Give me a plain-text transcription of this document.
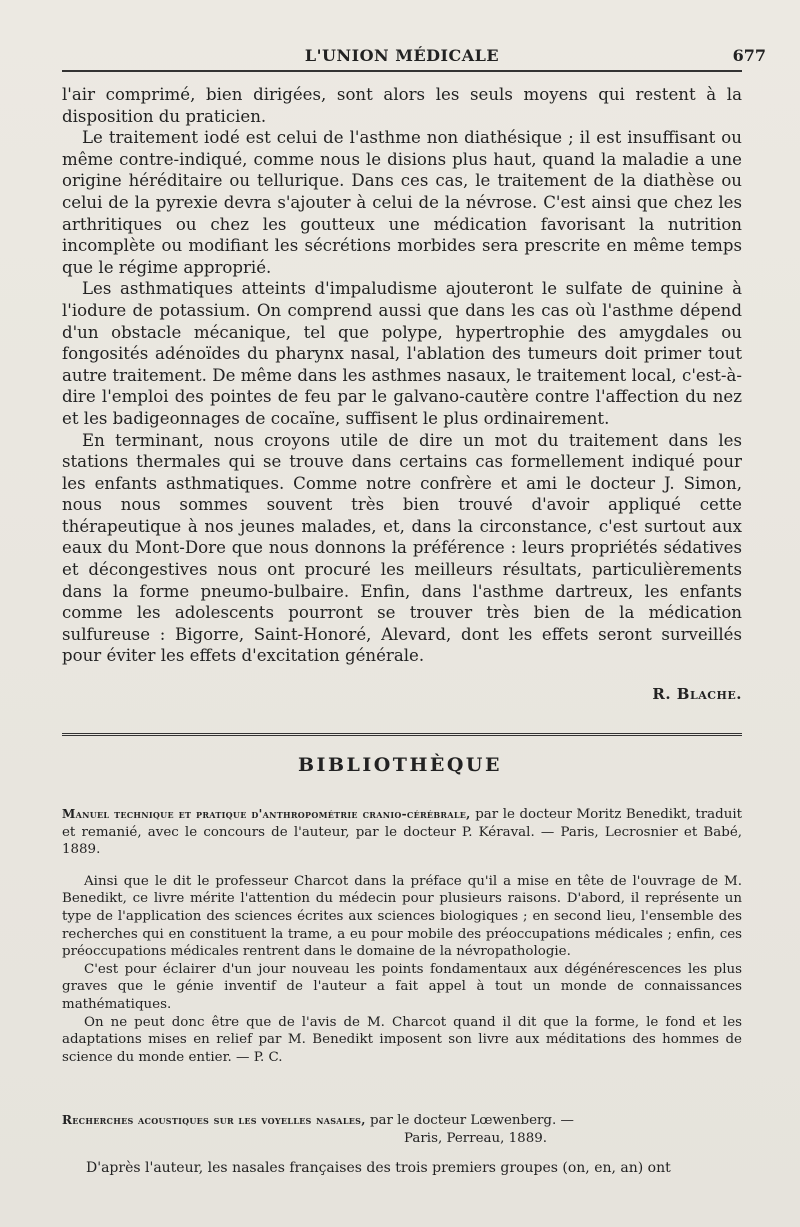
L'UNION MÉDICALE	677

l'air comprimé, bien dirigées, sont alors les seuls moyens qui restent à la disposition du praticien.

Le traitement iodé est celui de l'asthme non diathésique ; il est insuffisant ou même contre-indiqué, comme nous le disions plus haut, quand la maladie a une origine héréditaire ou tellurique. Dans ces cas, le traitement de la diathèse ou celui de la pyrexie devra s'ajouter à celui de la névrose. C'est ainsi que chez les arthritiques ou chez les goutteux une médication favorisant la nutrition incomplète ou modifiant les sécrétions morbides sera prescrite en même temps que le régime approprié.

Les asthmatiques atteints d'impaludisme ajouteront le sulfate de quinine à l'iodure de potassium. On comprend aussi que dans les cas où l'asthme dépend d'un obstacle mécanique, tel que polype, hypertrophie des amygdales ou fongosités adénoïdes du pharynx nasal, l'ablation des tumeurs doit primer tout autre traitement. De même dans les asthmes nasaux, le traitement local, c'est-à-dire l'emploi des pointes de feu par le galvano-cautère contre l'affection du nez et les badigeonnages de cocaïne, suffisent le plus ordinairement.

En terminant, nous croyons utile de dire un mot du traitement dans les stations thermales qui se trouve dans certains cas formellement indiqué pour les enfants asthmatiques. Comme notre confrère et ami le docteur J. Simon, nous nous sommes souvent très bien trouvé d'avoir appliqué cette thérapeutique à nos jeunes malades, et, dans la circonstance, c'est surtout aux eaux du Mont-Dore que nous donnons la préférence : leurs propriétés sédatives et décongestives nous ont procuré les meilleurs résultats, particulièrements dans la forme pneumo-bulbaire. Enfin, dans l'asthme dartreux, les enfants comme les adolescents pourront se trouver très bien de la médication sulfureuse : Bigorre, Saint-Honoré, Alevard, dont les effets seront surveillés pour éviter les effets d'excitation générale.

R. Blache.
BIBLIOTHÈQUE

Manuel technique et pratique d'anthropométrie cranio-cérébrale, par le docteur Moritz Benedikt, traduit et remanié, avec le concours de l'auteur, par le docteur P. Kéraval. — Paris, Lecrosnier et Babé, 1889.

Ainsi que le dit le professeur Charcot dans la préface qu'il a mise en tête de l'ouvrage de M. Benedikt, ce livre mérite l'attention du médecin pour plusieurs raisons. D'abord, il représente un type de l'application des sciences écrites aux sciences biologiques ; en second lieu, l'ensemble des recherches qui en constituent la trame, a eu pour mobile des préoccupations médicales ; enfin, ces préoccupations médicales rentrent dans le domaine de la névropathologie.

C'est pour éclairer d'un jour nouveau les points fondamentaux aux dégénérescences les plus graves que le génie inventif de l'auteur a fait appel à tout un monde de connaissances mathématiques.

On ne peut donc être que de l'avis de M. Charcot quand il dit que la forme, le fond et les adaptations mises en relief par M. Benedikt imposent son livre aux méditations des hommes de science du monde entier. — P. C.

Recherches acoustiques sur les voyelles nasales, par le docteur Lœwenberg. —

Paris, Perreau, 1889.

D'après l'auteur, les nasales françaises des trois premiers groupes (on, en, an) ont
